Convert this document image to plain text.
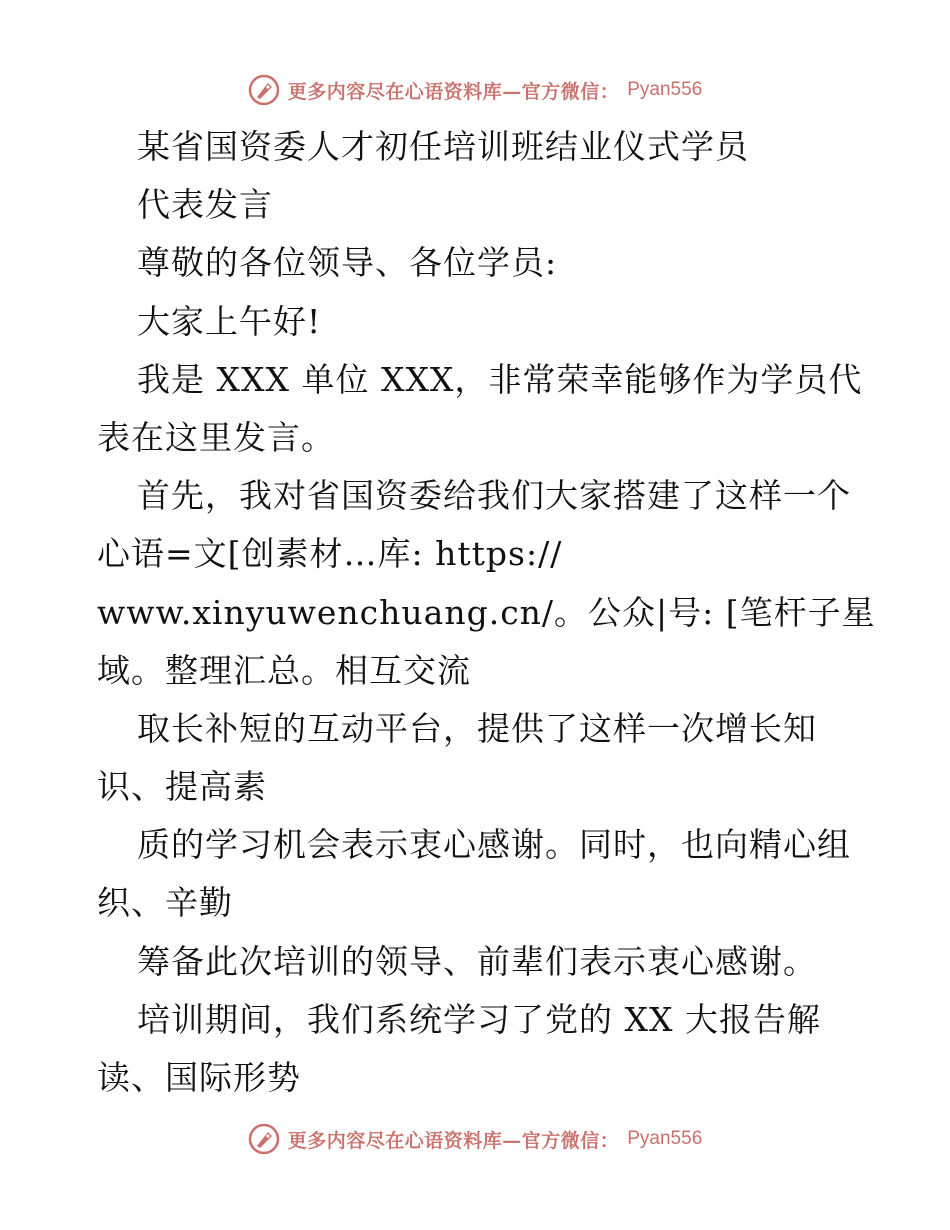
更多内容尽在心语资料库—官方微信： Pyan556
某省国资委人才初任培训班结业仪式学员
代表发言
尊敬的各位领导、各位学员:
大家上午好!
我是 XXX 单位 XXX，非常荣幸能够作为学员代
表在这里发言。
首先，我对省国资委给我们大家搭建了这样一个
心语=文[创素材…库: https://
www.xinyuwenchuang.cn/。公众|号: [笔杆子星
域。整理汇总。相互交流
取长补短的互动平台，提供了这样一次增长知
识、提高素
质的学习机会表示衷心感谢。同时，也向精心组
织、辛勤
筹备此次培训的领导、前辈们表示衷心感谢。
培训期间，我们系统学习了党的 XX 大报告解
读、国际形势
更多内容尽在心语资料库—官方微信： Pyan556
